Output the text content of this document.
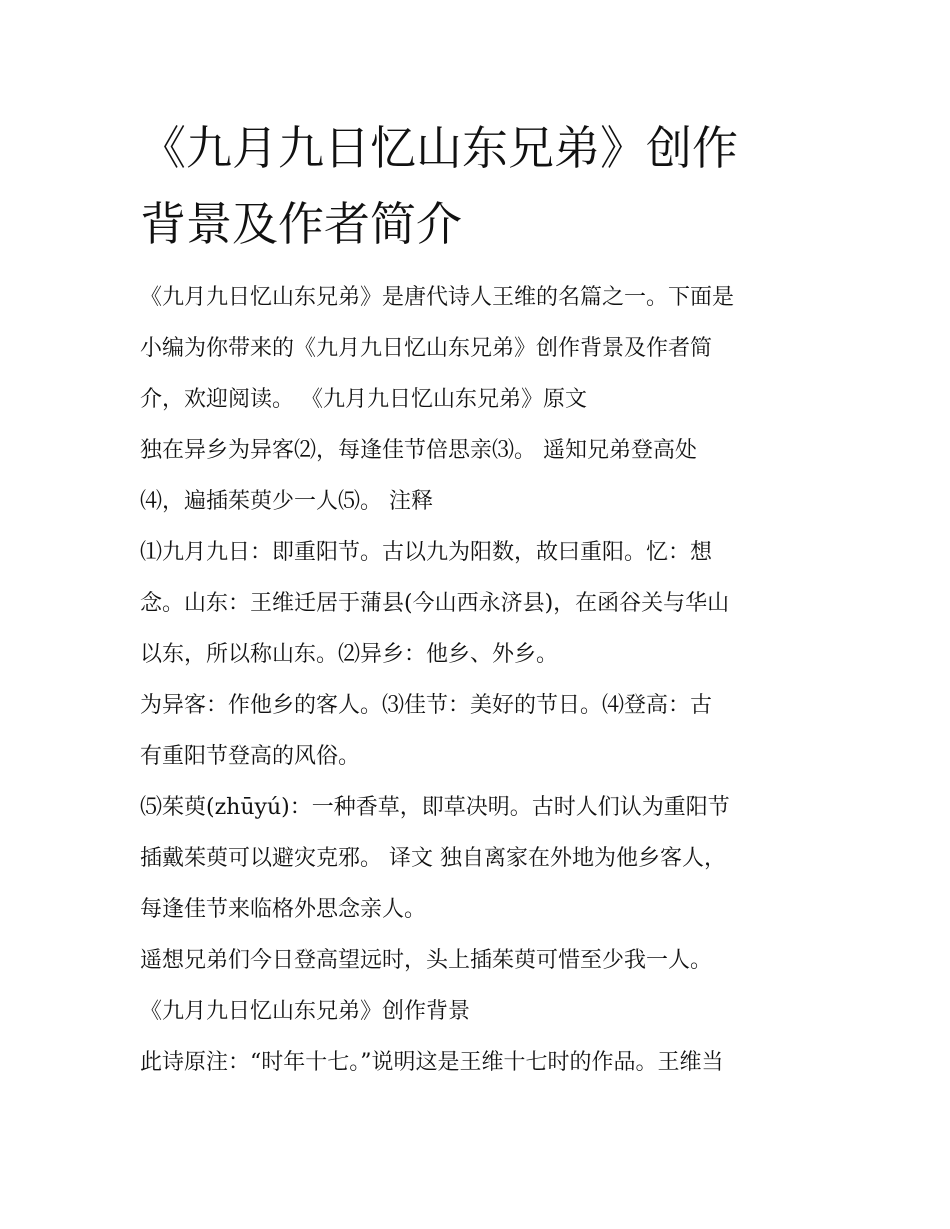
《九月九日忆山东兄弟》创作
背景及作者简介
《九月九日忆山东兄弟》是唐代诗人王维的名篇之一。下面是
小编为你带来的《九月九日忆山东兄弟》创作背景及作者简
介，欢迎阅读。 《九月九日忆山东兄弟》原文
独在异乡为异客⑵，每逢佳节倍思亲⑶。 遥知兄弟登高处
⑷，遍插茱萸少一人⑸。 注释
⑴九月九日：即重阳节。古以九为阳数，故曰重阳。忆：想
念。山东：王维迁居于蒲县(今山西永济县)，在函谷关与华山
以东，所以称山东。⑵异乡：他乡、外乡。
为异客：作他乡的客人。⑶佳节：美好的节日。⑷登高：古
有重阳节登高的风俗。
⑸茱萸(zhūyú)：一种香草，即草决明。古时人们认为重阳节
插戴茱萸可以避灾克邪。 译文 独自离家在外地为他乡客人，
每逢佳节来临格外思念亲人。
遥想兄弟们今日登高望远时，头上插茱萸可惜至少我一人。
《九月九日忆山东兄弟》创作背景
此诗原注：“时年十七。”说明这是王维十七时的作品。王维当
